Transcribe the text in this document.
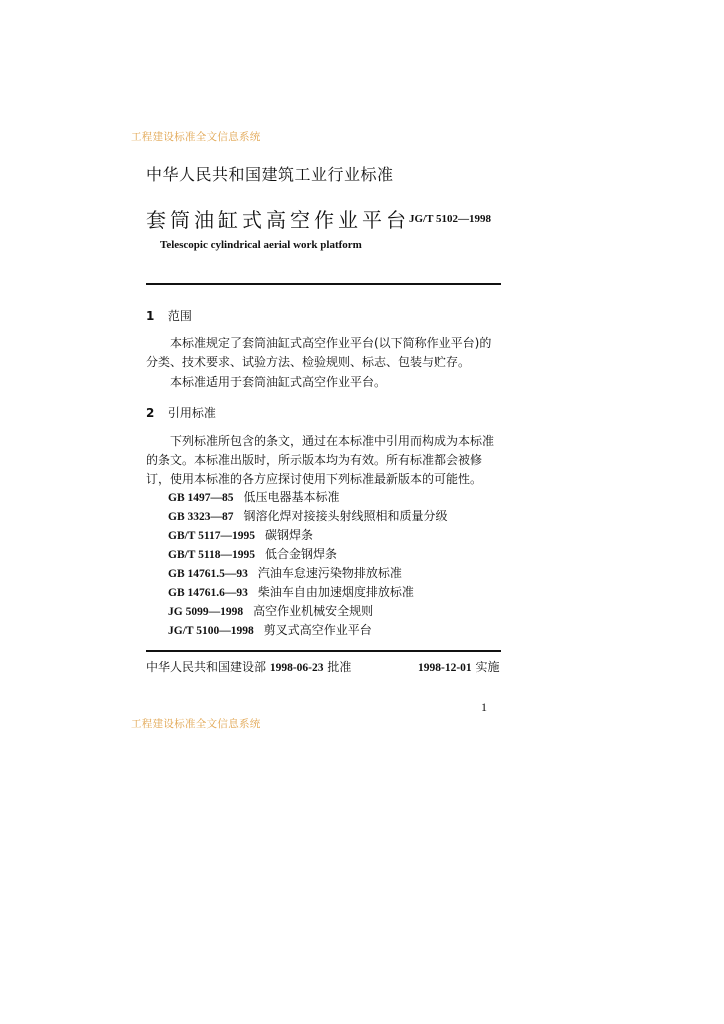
工程建设标准全文信息系统
中华人民共和国建筑工业行业标准
套筒油缸式高空作业平台 JG/T 5102—1998
Telescopic cylindrical aerial work platform
1 范围
本标准规定了套筒油缸式高空作业平台(以下简称作业平台)的分类、技术要求、试验方法、检验规则、标志、包装与贮存。
本标准适用于套筒油缸式高空作业平台。
2 引用标准
下列标准所包含的条文，通过在本标准中引用而构成为本标准的条文。本标准出版时，所示版本均为有效。所有标准都会被修订，使用本标准的各方应探讨使用下列标准最新版本的可能性。
GB 1497—85 低压电器基本标准
GB 3323—87 钢溶化焊对接接头射线照相和质量分级
GB/T 5117—1995 碳钢焊条
GB/T 5118—1995 低合金钢焊条
GB 14761.5—93 汽油车怠速污染物排放标准
GB 14761.6—93 柴油车自由加速烟度排放标准
JG 5099—1998 高空作业机械安全规则
JG/T 5100—1998 剪叉式高空作业平台
中华人民共和国建设部 1998-06-23 批准	1998-12-01 实施
1
工程建设标准全文信息系统
